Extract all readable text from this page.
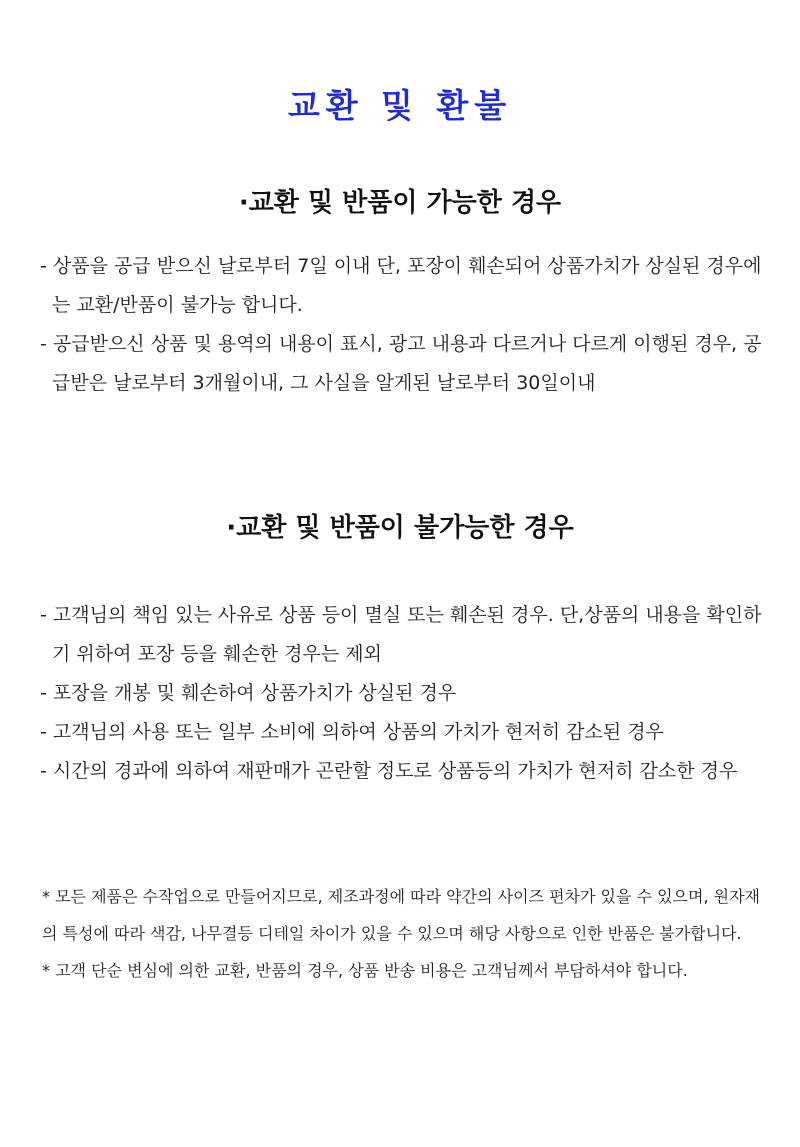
교환 및 환불
·교환 및 반품이 가능한 경우
- 상품을 공급 받으신 날로부터 7일 이내 단, 포장이 훼손되어 상품가치가 상실된 경우에는 교환/반품이 불가능 합니다.
- 공급받으신 상품 및 용역의 내용이 표시, 광고 내용과 다르거나 다르게 이행된 경우, 공급받은 날로부터 3개월이내, 그 사실을 알게된 날로부터 30일이내
·교환 및 반품이 불가능한 경우
- 고객님의 책임 있는 사유로 상품 등이 멸실 또는 훼손된 경우. 단,상품의 내용을 확인하기 위하여 포장 등을 훼손한 경우는 제외
- 포장을 개봉 및 훼손하여 상품가치가 상실된 경우
- 고객님의 사용 또는 일부 소비에 의하여 상품의 가치가 현저히 감소된 경우
- 시간의 경과에 의하여 재판매가 곤란할 정도로 상품등의 가치가 현저히 감소한 경우

* 모든 제품은 수작업으로 만들어지므로, 제조과정에 따라 약간의 사이즈 편차가 있을 수 있으며, 원자재의 특성에 따라 색감, 나무결등 디테일 차이가 있을 수 있으며 해당 사항으로 인한 반품은 불가합니다.

* 고객 단순 변심에 의한 교환, 반품의 경우, 상품 반송 비용은 고객님께서 부담하셔야 합니다.
